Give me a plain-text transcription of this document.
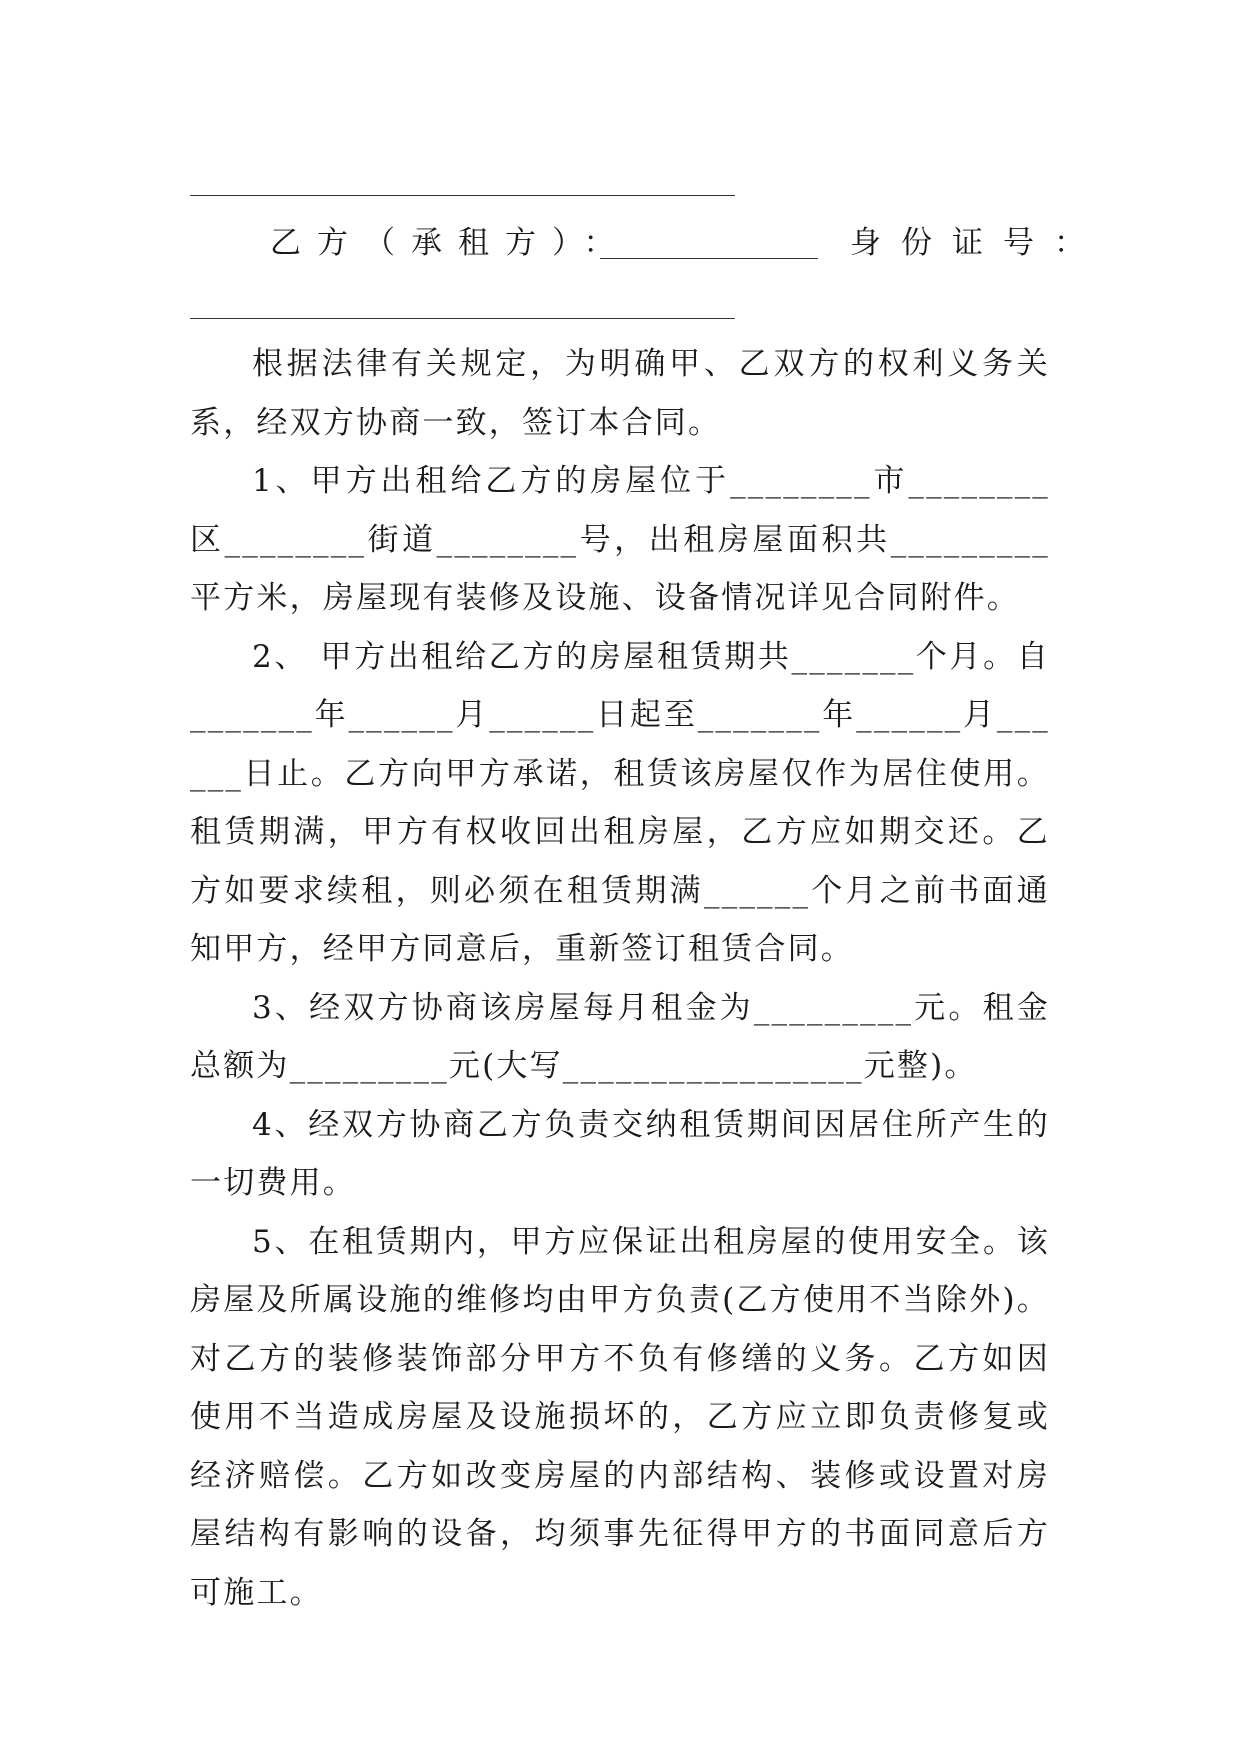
乙方（承租方）：	身份证号：

根据法律有关规定，为明确甲、乙双方的权利义务关系，经双方协商一致，签订本合同。

1、甲方出租给乙方的房屋位于________市________区________街道________号，出租房屋面积共_________平方米，房屋现有装修及设施、设备情况详见合同附件。

2、 甲方出租给乙方的房屋租赁期共_______个月。自_______年______月______日起至_______年______月______日止。乙方向甲方承诺，租赁该房屋仅作为居住使用。租赁期满，甲方有权收回出租房屋，乙方应如期交还。乙方如要求续租，则必须在租赁期满______个月之前书面通知甲方，经甲方同意后，重新签订租赁合同。

3、经双方协商该房屋每月租金为_________元。租金总额为_________元(大写_________________元整)。

4、经双方协商乙方负责交纳租赁期间因居住所产生的一切费用。

5、在租赁期内，甲方应保证出租房屋的使用安全。该房屋及所属设施的维修均由甲方负责(乙方使用不当除外)。对乙方的装修装饰部分甲方不负有修缮的义务。乙方如因使用不当造成房屋及设施损坏的，乙方应立即负责修复或经济赔偿。乙方如改变房屋的内部结构、装修或设置对房屋结构有影响的设备，均须事先征得甲方的书面同意后方可施工。
